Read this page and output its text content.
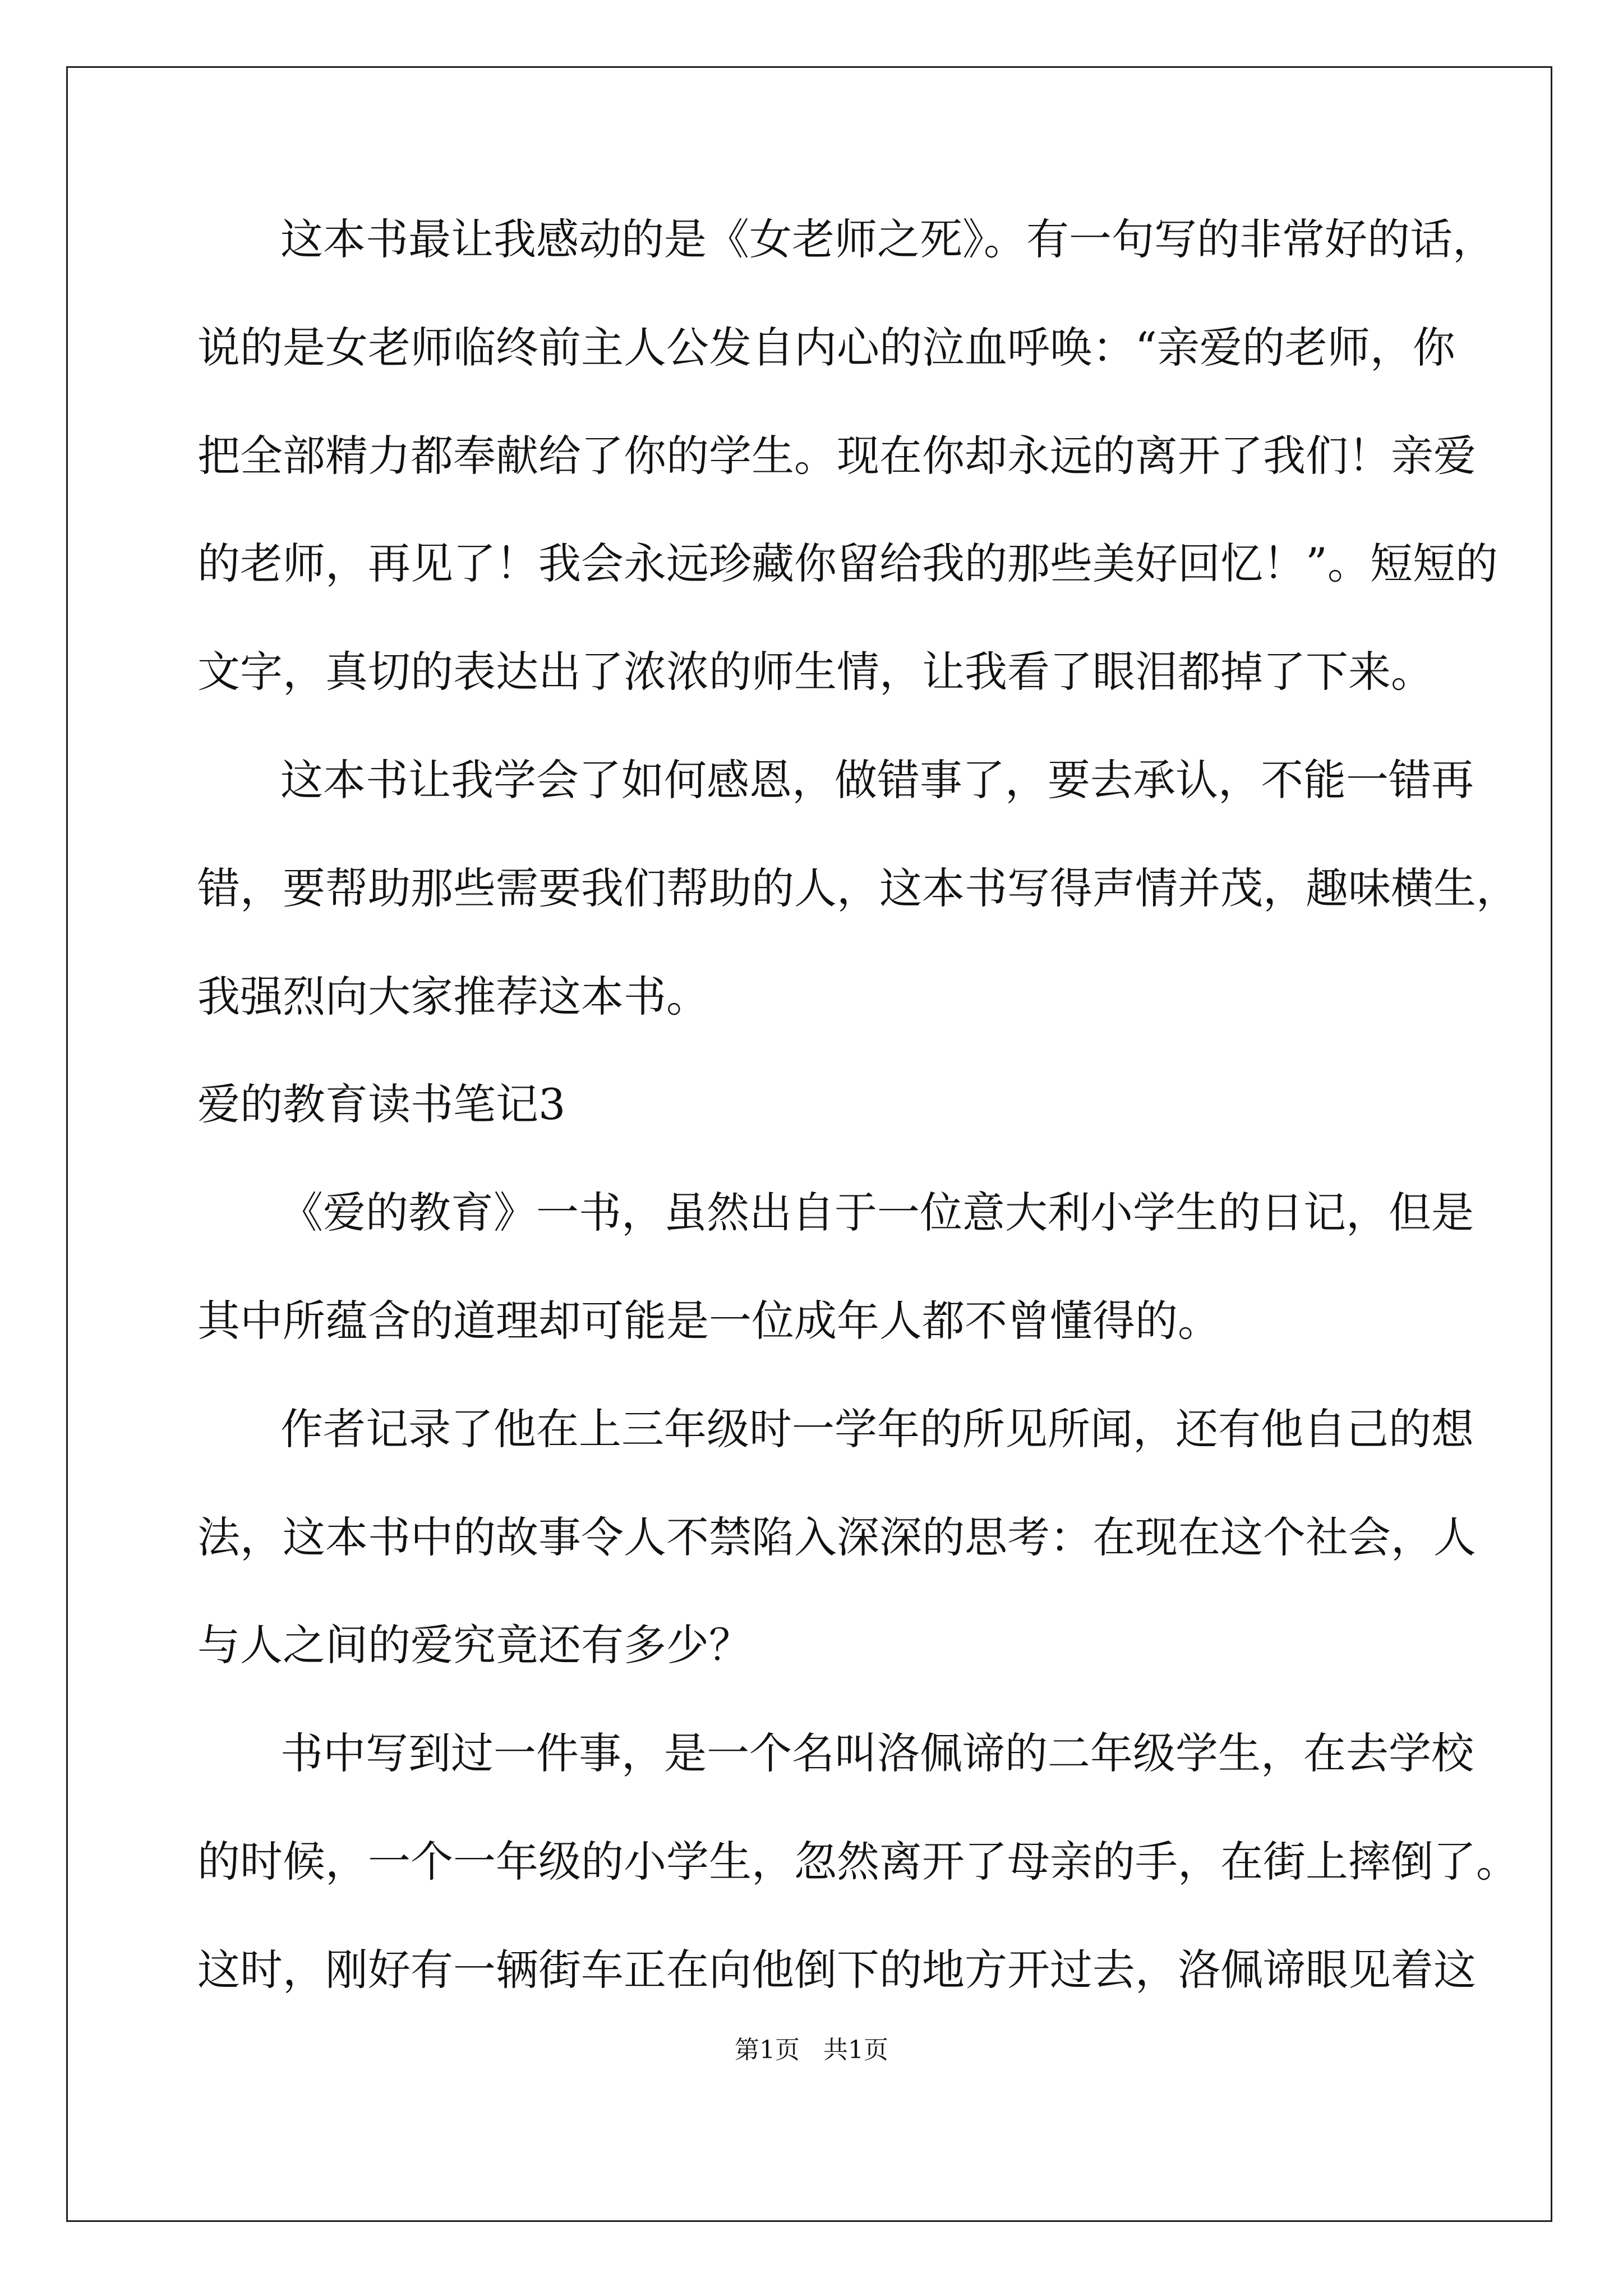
这本书最让我感动的是《女老师之死》。有一句写的非常好的话，
说的是女老师临终前主人公发自内心的泣血呼唤：“亲爱的老师，你
把全部精力都奉献给了你的学生。现在你却永远的离开了我们！亲爱
的老师，再见了！我会永远珍藏你留给我的那些美好回忆！”。短短的
文字，真切的表达出了浓浓的师生情，让我看了眼泪都掉了下来。
这本书让我学会了如何感恩，做错事了，要去承认，不能一错再
错，要帮助那些需要我们帮助的人，这本书写得声情并茂，趣味横生，
我强烈向大家推荐这本书。
爱的教育读书笔记3
《爱的教育》一书，虽然出自于一位意大利小学生的日记，但是
其中所蕴含的道理却可能是一位成年人都不曾懂得的。
作者记录了他在上三年级时一学年的所见所闻，还有他自己的想
法，这本书中的故事令人不禁陷入深深的思考：在现在这个社会，人
与人之间的爱究竟还有多少？
书中写到过一件事，是一个名叫洛佩谛的二年级学生，在去学校
的时候，一个一年级的小学生，忽然离开了母亲的手，在街上摔倒了。
这时，刚好有一辆街车正在向他倒下的地方开过去，洛佩谛眼见着这
第1页   共1页
